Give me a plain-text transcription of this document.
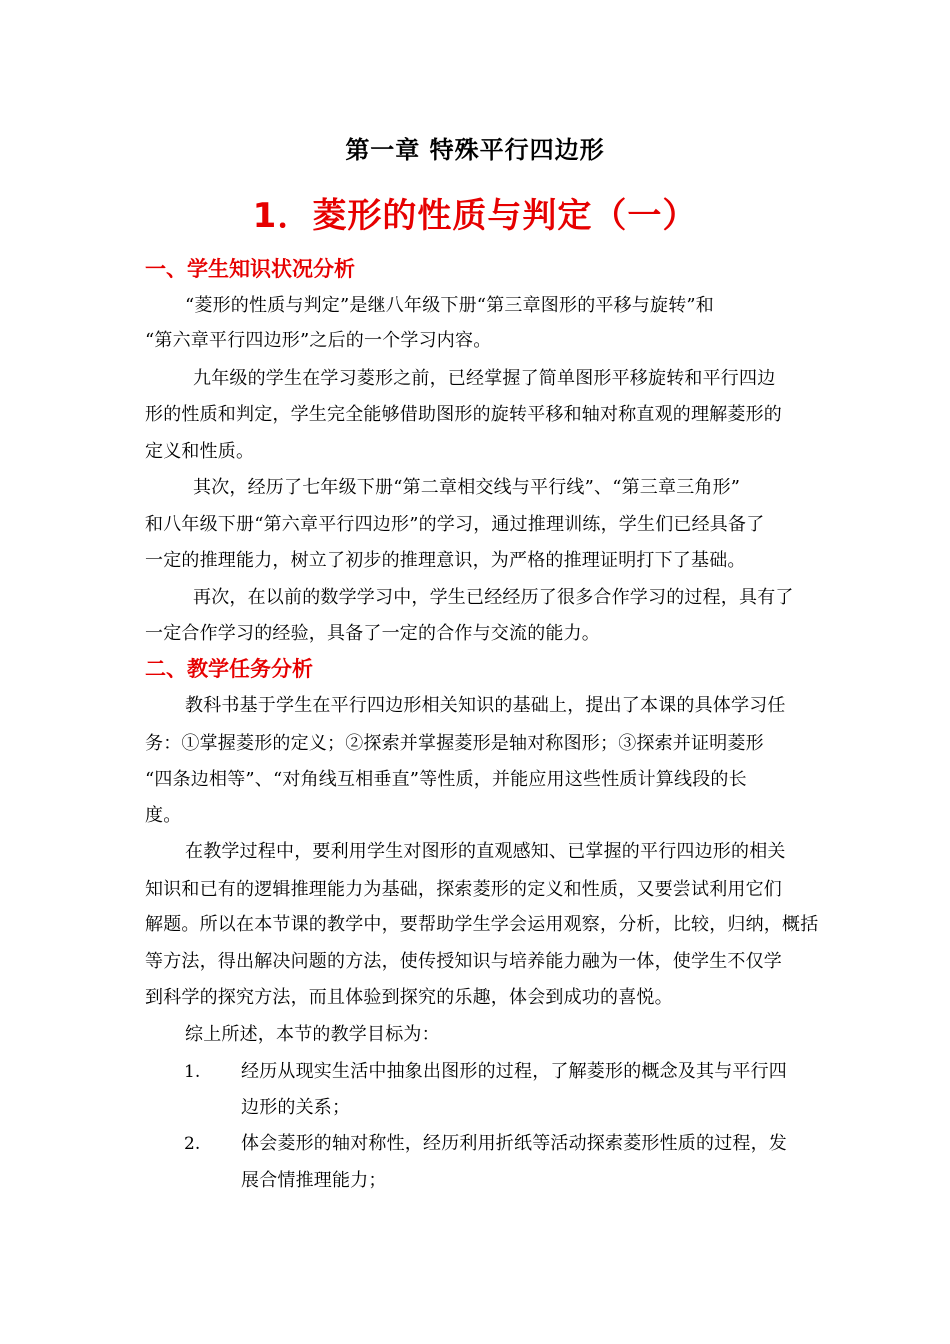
第一章 特殊平行四边形
1．菱形的性质与判定（一）
一、学生知识状况分析
“菱形的性质与判定”是继八年级下册“第三章图形的平移与旋转”和
“第六章平行四边形”之后的一个学习内容。
九年级的学生在学习菱形之前，已经掌握了简单图形平移旋转和平行四边
形的性质和判定，学生完全能够借助图形的旋转平移和轴对称直观的理解菱形的
定义和性质。
其次，经历了七年级下册“第二章相交线与平行线”、“第三章三角形”
和八年级下册“第六章平行四边形”的学习，通过推理训练，学生们已经具备了
一定的推理能力，树立了初步的推理意识，为严格的推理证明打下了基础。
再次，在以前的数学学习中，学生已经经历了很多合作学习的过程，具有了
一定合作学习的经验，具备了一定的合作与交流的能力。
二、教学任务分析
教科书基于学生在平行四边形相关知识的基础上，提出了本课的具体学习任
务：①掌握菱形的定义；②探索并掌握菱形是轴对称图形；③探索并证明菱形
“四条边相等”、“对角线互相垂直”等性质，并能应用这些性质计算线段的长
度。
在教学过程中，要利用学生对图形的直观感知、已掌握的平行四边形的相关
知识和已有的逻辑推理能力为基础，探索菱形的定义和性质，又要尝试利用它们
解题。所以在本节课的教学中，要帮助学生学会运用观察，分析，比较，归纳，概括
等方法，得出解决问题的方法，使传授知识与培养能力融为一体，使学生不仅学
到科学的探究方法，而且体验到探究的乐趣，体会到成功的喜悦。
综上所述，本节的教学目标为：
1. 经历从现实生活中抽象出图形的过程，了解菱形的概念及其与平行四
边形的关系；
2. 体会菱形的轴对称性，经历利用折纸等活动探索菱形性质的过程，发
展合情推理能力；
